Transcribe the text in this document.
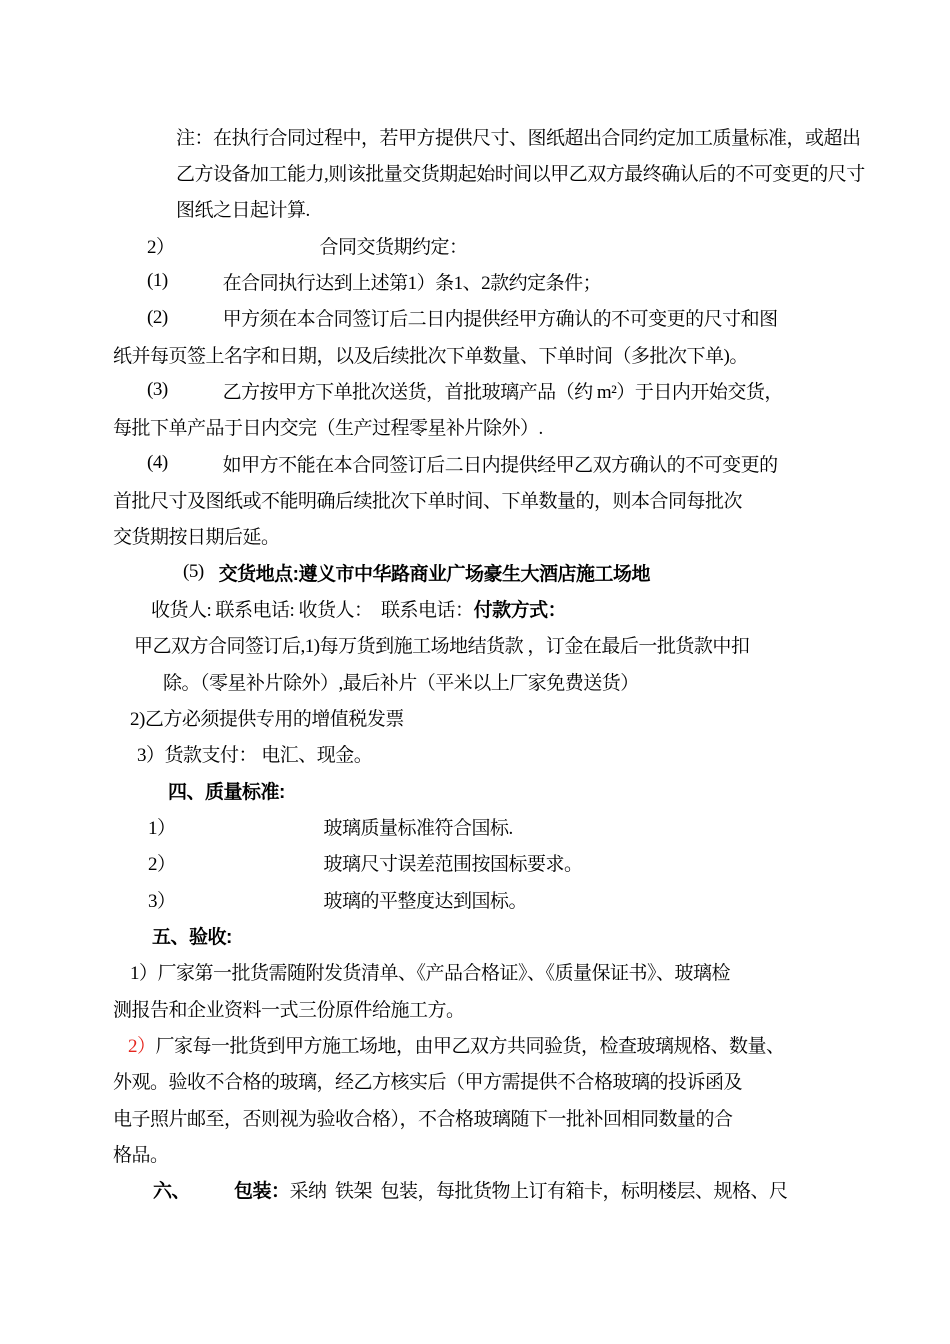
注：在执行合同过程中，若甲方提供尺寸、图纸超出合同约定加工质量标准，或超出
乙方设备加工能力,则该批量交货期起始时间以甲乙双方最终确认后的不可变更的尺寸
图纸之日起计算.
2）	合同交货期约定：
(1)	在合同执行达到上述第1）条1、2款约定条件；
(2)	甲方须在本合同签订后二日内提供经甲方确认的不可变更的尺寸和图
纸并每页签上名字和日期，以及后续批次下单数量、下单时间（多批次下单)。
(3)	乙方按甲方下单批次送货，首批玻璃产品（约 m²）于日内开始交货，
每批下单产品于日内交完（生产过程零星补片除外）.
(4)	如甲方不能在本合同签订后二日内提供经甲乙双方确认的不可变更的
首批尺寸及图纸或不能明确后续批次下单时间、下单数量的，则本合同每批次
交货期按日期后延。
(5) 交货地点:遵义市中华路商业广场豪生大酒店施工场地
收货人: 联系电话: 收货人：  联系电话： 付款方式：
甲乙双方合同签订后,1)每万货到施工场地结货款 ，订金在最后一批货款中扣
除。（零星补片除外）,最后补片（平米以上厂家免费送货）
2)乙方必须提供专用的增值税发票
3）货款支付： 电汇、现金。
四、质量标准:
1）	玻璃质量标准符合国标.
2）	玻璃尺寸误差范围按国标要求。
3）	玻璃的平整度达到国标。
五、验收:
1）厂家第一批货需随附发货清单、《产品合格证》、《质量保证书》、玻璃检
测报告和企业资料一式三份原件给施工方。
2） 厂家每一批货到甲方施工场地，由甲乙双方共同验货，检查玻璃规格、数量、
外观。验收不合格的玻璃，经乙方核实后（甲方需提供不合格玻璃的投诉函及
电子照片邮至，否则视为验收合格），不合格玻璃随下一批补回相同数量的合
格品。
六、 包装： 采纳  铁架  包装，每批货物上订有箱卡，标明楼层、规格、尺
